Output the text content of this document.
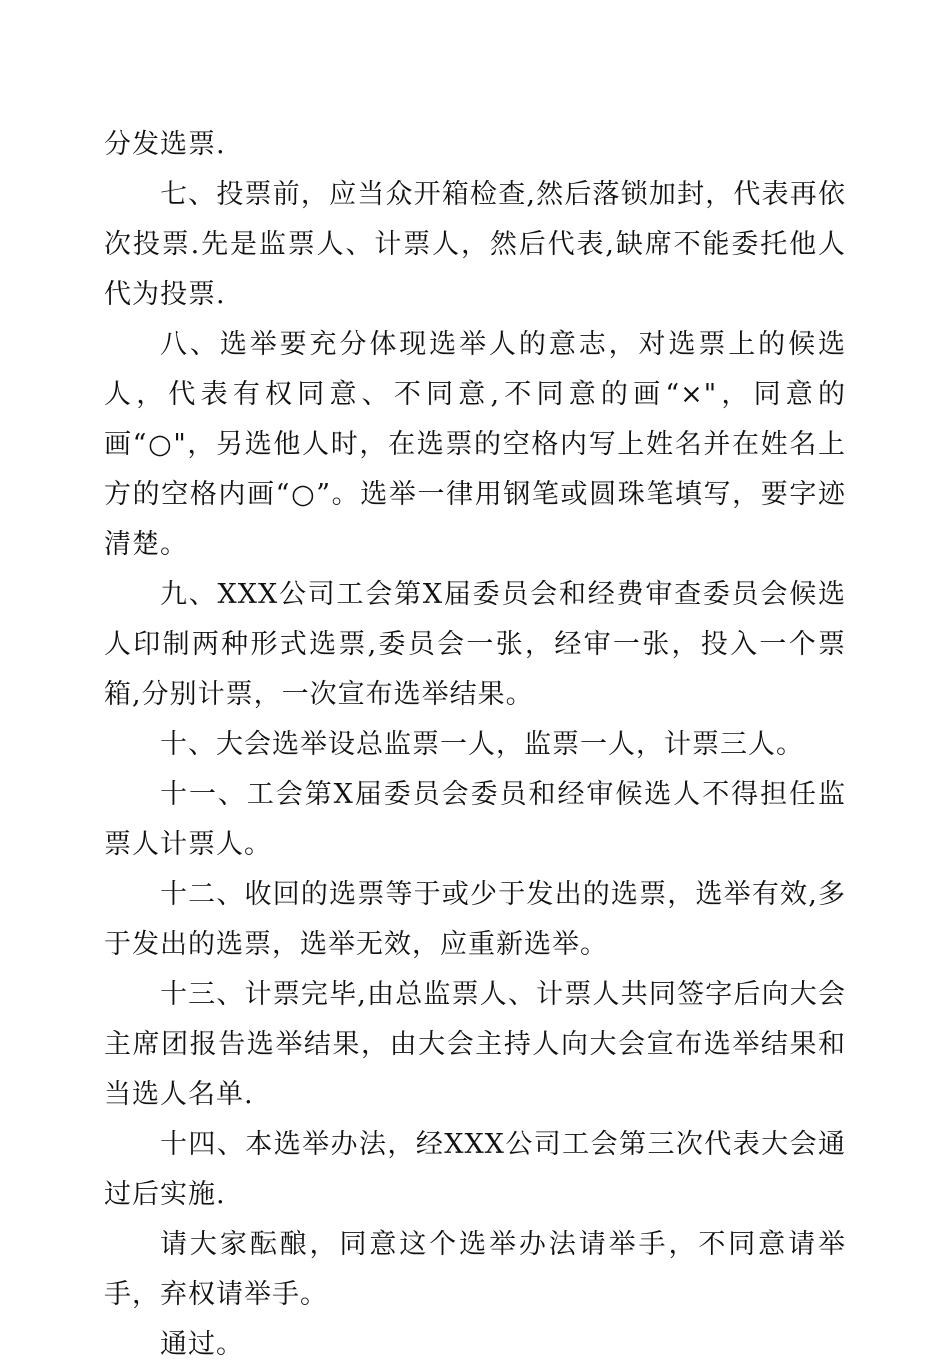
分发选票.

七、投票前，应当众开箱检查,然后落锁加封，代表再依次投票.先是监票人、计票人，然后代表,缺席不能委托他人代为投票.

八、选举要充分体现选举人的意志，对选票上的候选人，代表有权同意、不同意,不同意的画“×"，同意的画“○"，另选他人时，在选票的空格内写上姓名并在姓名上方的空格内画“○”。选举一律用钢笔或圆珠笔填写，要字迹清楚。

九、XXX公司工会第X届委员会和经费审查委员会候选人印制两种形式选票,委员会一张，经审一张，投入一个票箱,分别计票，一次宣布选举结果。

十、大会选举设总监票一人，监票一人，计票三人。

十一、工会第X届委员会委员和经审候选人不得担任监票人计票人。

十二、收回的选票等于或少于发出的选票，选举有效,多于发出的选票，选举无效，应重新选举。

十三、计票完毕,由总监票人、计票人共同签字后向大会主席团报告选举结果，由大会主持人向大会宣布选举结果和当选人名单.

十四、本选举办法，经XXX公司工会第三次代表大会通过后实施.

请大家酝酿，同意这个选举办法请举手，不同意请举手，弃权请举手。

通过。
